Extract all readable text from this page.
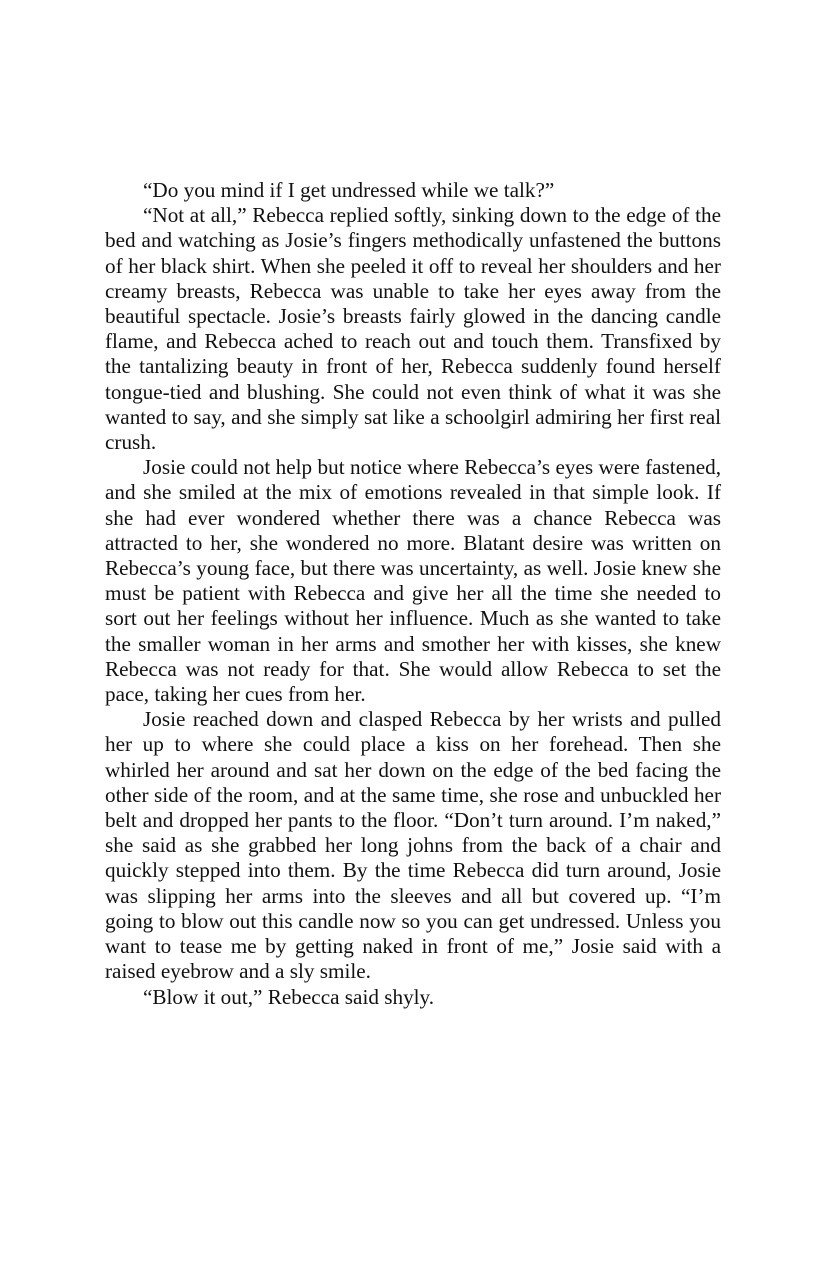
“Do you mind if I get undressed while we talk?”

“Not at all,” Rebecca replied softly, sinking down to the edge of the bed and watching as Josie’s fingers methodically unfastened the buttons of her black shirt. When she peeled it off to reveal her shoulders and her creamy breasts, Rebecca was unable to take her eyes away from the beautiful spectacle. Josie’s breasts fairly glowed in the dancing candle flame, and Rebecca ached to reach out and touch them. Transfixed by the tantalizing beauty in front of her, Rebecca suddenly found herself tongue-tied and blushing. She could not even think of what it was she wanted to say, and she simply sat like a schoolgirl admiring her first real crush.

Josie could not help but notice where Rebecca’s eyes were fastened, and she smiled at the mix of emotions revealed in that simple look. If she had ever wondered whether there was a chance Rebecca was attracted to her, she wondered no more. Blatant desire was written on Rebecca’s young face, but there was uncertainty, as well. Josie knew she must be patient with Rebecca and give her all the time she needed to sort out her feelings without her influence. Much as she wanted to take the smaller woman in her arms and smother her with kisses, she knew Rebecca was not ready for that. She would allow Rebecca to set the pace, taking her cues from her.

Josie reached down and clasped Rebecca by her wrists and pulled her up to where she could place a kiss on her forehead. Then she whirled her around and sat her down on the edge of the bed facing the other side of the room, and at the same time, she rose and unbuckled her belt and dropped her pants to the floor. “Don’t turn around. I’m naked,” she said as she grabbed her long johns from the back of a chair and quickly stepped into them. By the time Rebecca did turn around, Josie was slipping her arms into the sleeves and all but covered up. “I’m going to blow out this candle now so you can get undressed. Unless you want to tease me by getting naked in front of me,” Josie said with a raised eyebrow and a sly smile.

“Blow it out,” Rebecca said shyly.
